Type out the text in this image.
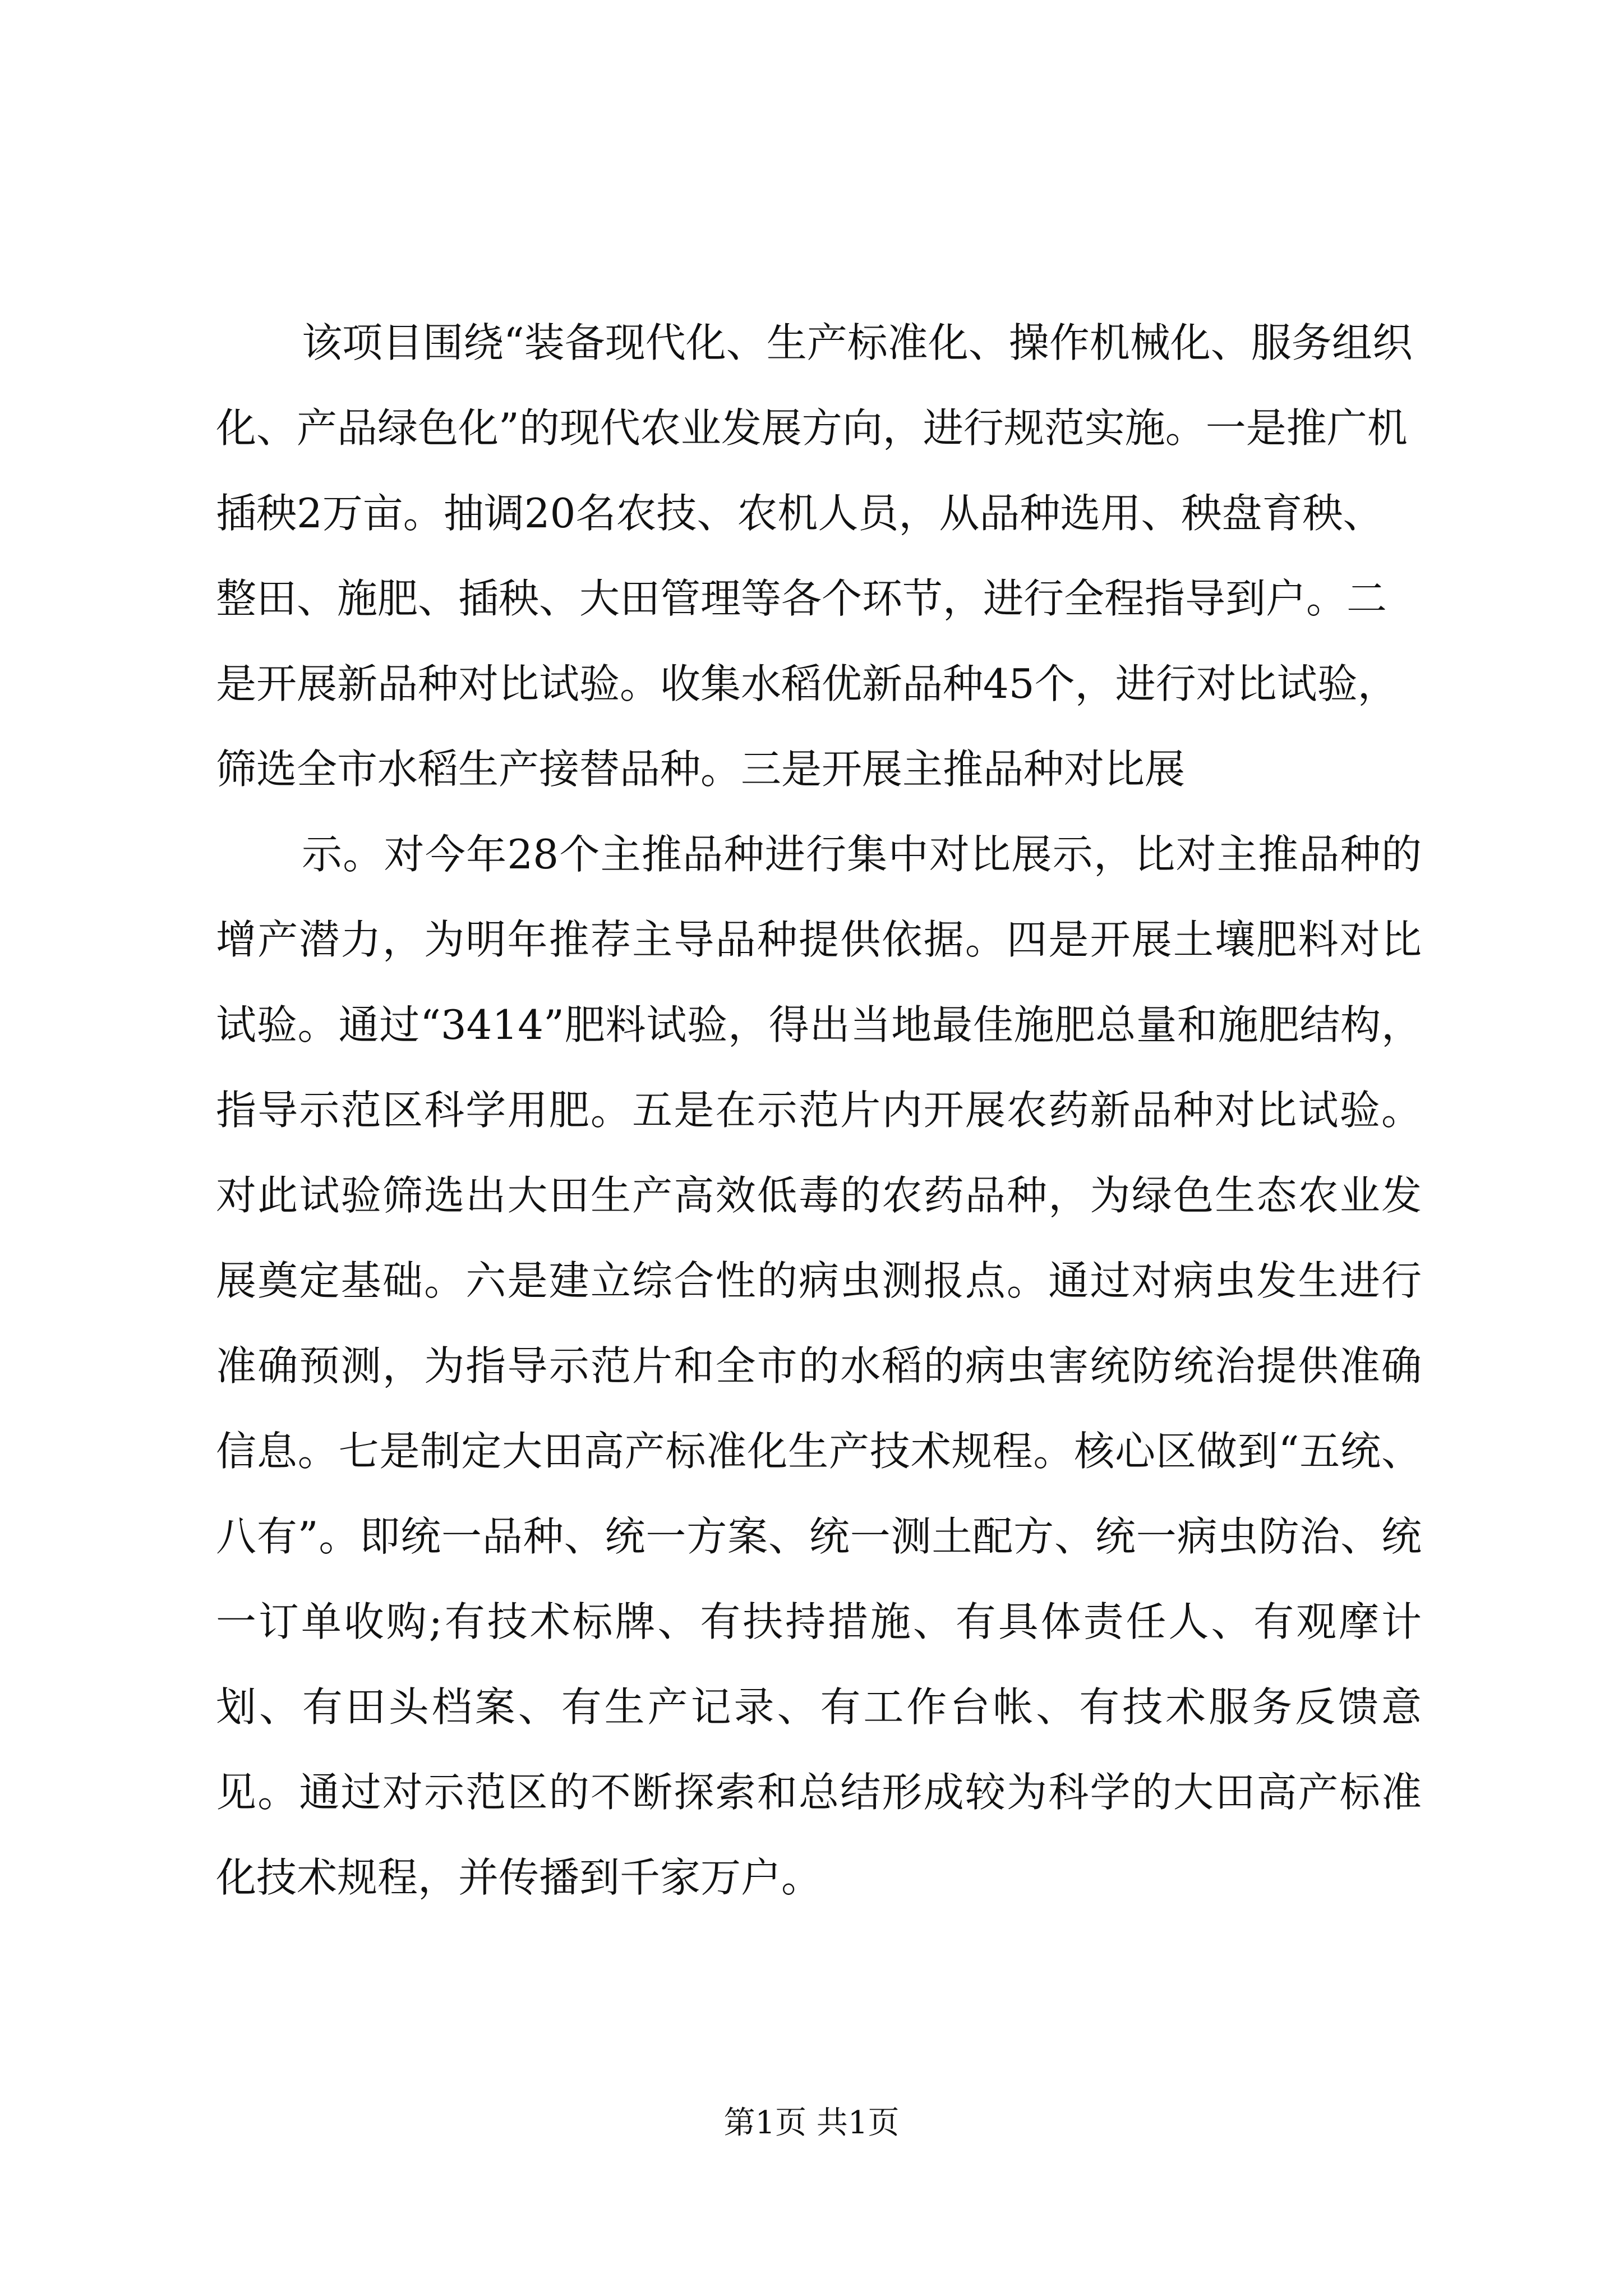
该项目围绕“装备现代化、生产标准化、操作机械化、服务组织化、产品绿色化”的现代农业发展方向，进行规范实施。一是推广机插秧2万亩。抽调20名农技、农机人员，从品种选用、秧盘育秧、整田、施肥、插秧、大田管理等各个环节，进行全程指导到户。二是开展新品种对比试验。收集水稻优新品种45个，进行对比试验，筛选全市水稻生产接替品种。三是开展主推品种对比展

示。对今年28个主推品种进行集中对比展示，比对主推品种的增产潜力，为明年推荐主导品种提供依据。四是开展土壤肥料对比试验。通过“3414”肥料试验，得出当地最佳施肥总量和施肥结构，指导示范区科学用肥。五是在示范片内开展农药新品种对比试验。对此试验筛选出大田生产高效低毒的农药品种，为绿色生态农业发展奠定基础。六是建立综合性的病虫测报点。通过对病虫发生进行准确预测，为指导示范片和全市的水稻的病虫害统防统治提供准确信息。七是制定大田高产标准化生产技术规程。核心区做到“五统、八有”。即统一品种、统一方案、统一测土配方、统一病虫防治、统一订单收购;有技术标牌、有扶持措施、有具体责任人、有观摩计划、有田头档案、有生产记录、有工作台帐、有技术服务反馈意见。通过对示范区的不断探索和总结形成较为科学的大田高产标准化技术规程，并传播到千家万户。

第1页 共1页
